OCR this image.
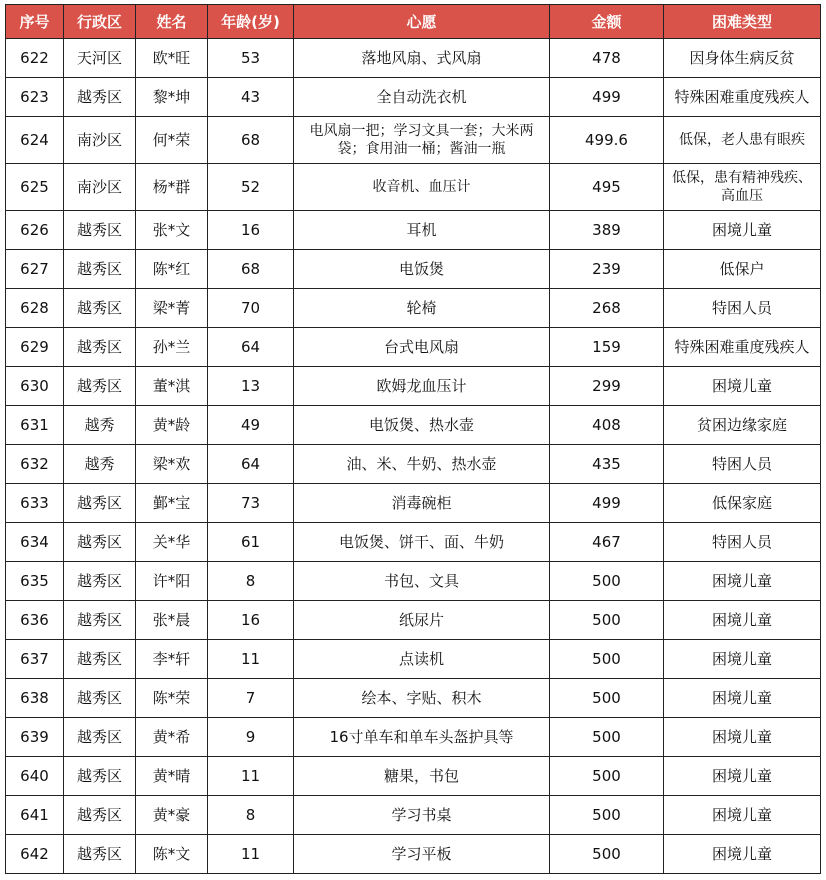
序号	行政区	姓名	年龄(岁)	心愿	金额	困难类型
622	天河区	欧*旺	53	落地风扇、式风扇	478	因身体生病反贫
623	越秀区	黎*坤	43	全自动洗衣机	499	特殊困难重度残疾人
624	南沙区	何*荣	68	电风扇一把；学习文具一套；大米两袋；食用油一桶；酱油一瓶	499.6	低保，老人患有眼疾
625	南沙区	杨*群	52	收音机、血压计	495	低保，患有精神残疾、高血压
626	越秀区	张*文	16	耳机	389	困境儿童
627	越秀区	陈*红	68	电饭煲	239	低保户
628	越秀区	梁*菁	70	轮椅	268	特困人员
629	越秀区	孙*兰	64	台式电风扇	159	特殊困难重度残疾人
630	越秀区	董*淇	13	欧姆龙血压计	299	困境儿童
631	越秀	黄*龄	49	电饭煲、热水壶	408	贫困边缘家庭
632	越秀	梁*欢	64	油、米、牛奶、热水壶	435	特困人员
633	越秀区	鄞*宝	73	消毒碗柜	499	低保家庭
634	越秀区	关*华	61	电饭煲、饼干、面、牛奶	467	特困人员
635	越秀区	许*阳	8	书包、文具	500	困境儿童
636	越秀区	张*晨	16	纸尿片	500	困境儿童
637	越秀区	李*轩	11	点读机	500	困境儿童
638	越秀区	陈*荣	7	绘本、字贴、积木	500	困境儿童
639	越秀区	黄*希	9	16寸单车和单车头盔护具等	500	困境儿童
640	越秀区	黄*晴	11	糖果，书包	500	困境儿童
641	越秀区	黄*豪	8	学习书桌	500	困境儿童
642	越秀区	陈*文	11	学习平板	500	困境儿童
